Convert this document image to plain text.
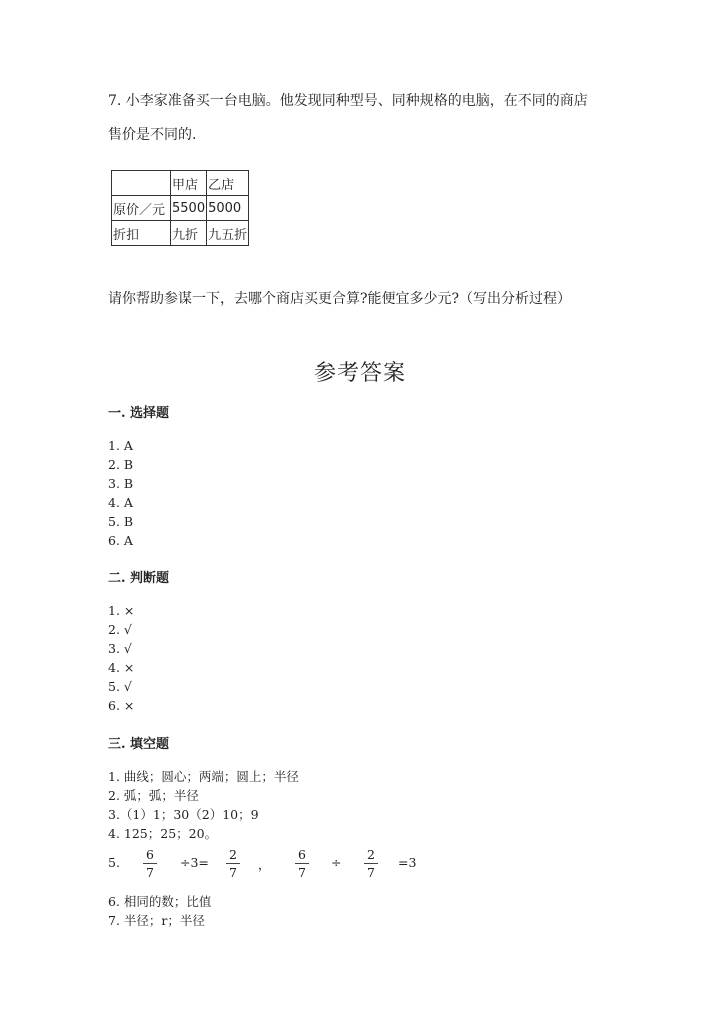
7. 小李家准备买一台电脑。他发现同种型号、同种规格的电脑，在不同的商店
售价是不同的.
	甲店	乙店
原价／元	5500	5000
折扣	九折	九五折
请你帮助参谋一下，去哪个商店买更合算?能便宜多少元?（写出分析过程）
参考答案
一. 选择题
1. A
2. B
3. B
4. A
5. B
6. A
二. 判断题
1. ×
2. √
3. √
4. ×
5. √
6. ×
三. 填空题
1. 曲线；圆心；两端；圆上；半径
2. 弧；弧；半径
3.（1）1；30（2）10；9
4. 125；25；20。
5.
6
7
÷3=
2
7
，
6
7
÷
2
7
=3
6. 相同的数；比值
7. 半径；r；半径
